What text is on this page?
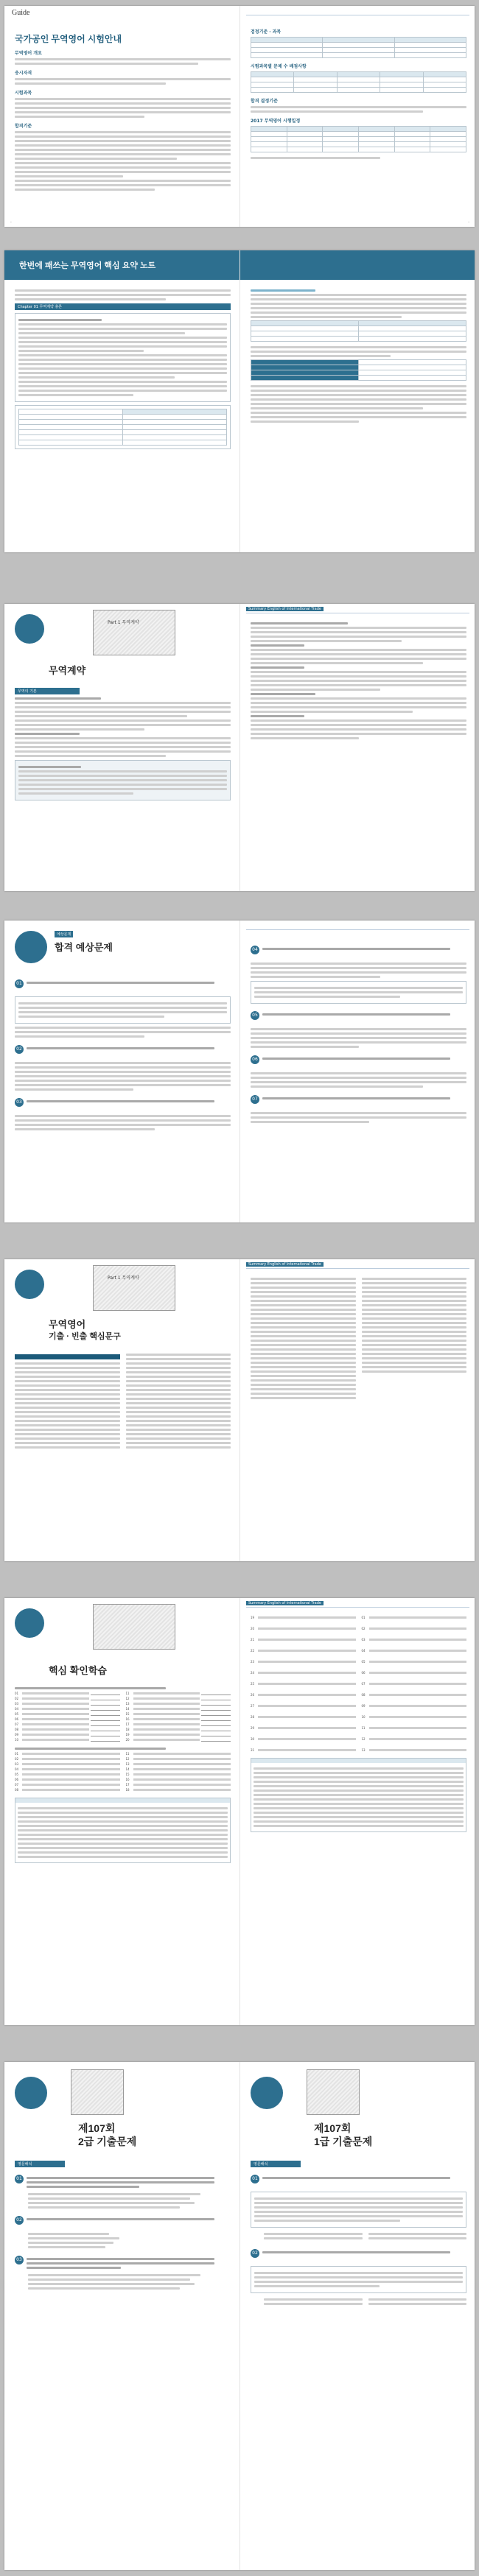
Guide
국가공인 무역영어 시험안내
무역영어 개요
응시자격
시험과목
합격기준
-
검정기준 · 과목

시험과목별 문제 수 배점사항

합격 결정기준
2017 무역영어 시행일정

-
한번에 패쓰는 무역영어 핵심 요약 노트
Chapter 01 무역계약 총론

Part 1 무역계약
무역계약
무역의 기본
Summary English of International Trade
예상문제
합격 예상문제
01
02
03
04
05
06
07
Part 1 무역계약
무역영어
기출 · 빈출 핵심문구
Summary English of International Trade
핵심 확인학습
01	11
02	12
03	13
04	14
05	15
06	16
07	17
08	18
09	19
10	20
01	11
02	12
03	13
04	14
05	15
06	16
07	17
08	18
Summary English of International Trade
19	01
20	02
21	03
22	04
23	05
24	06
25	07
26	08
27	09
28	10
29	11
30	12
31	13
제107회
2급 기출문제
영문해석
01
02
03
제107회
1급 기출문제
영문해석
01
02
